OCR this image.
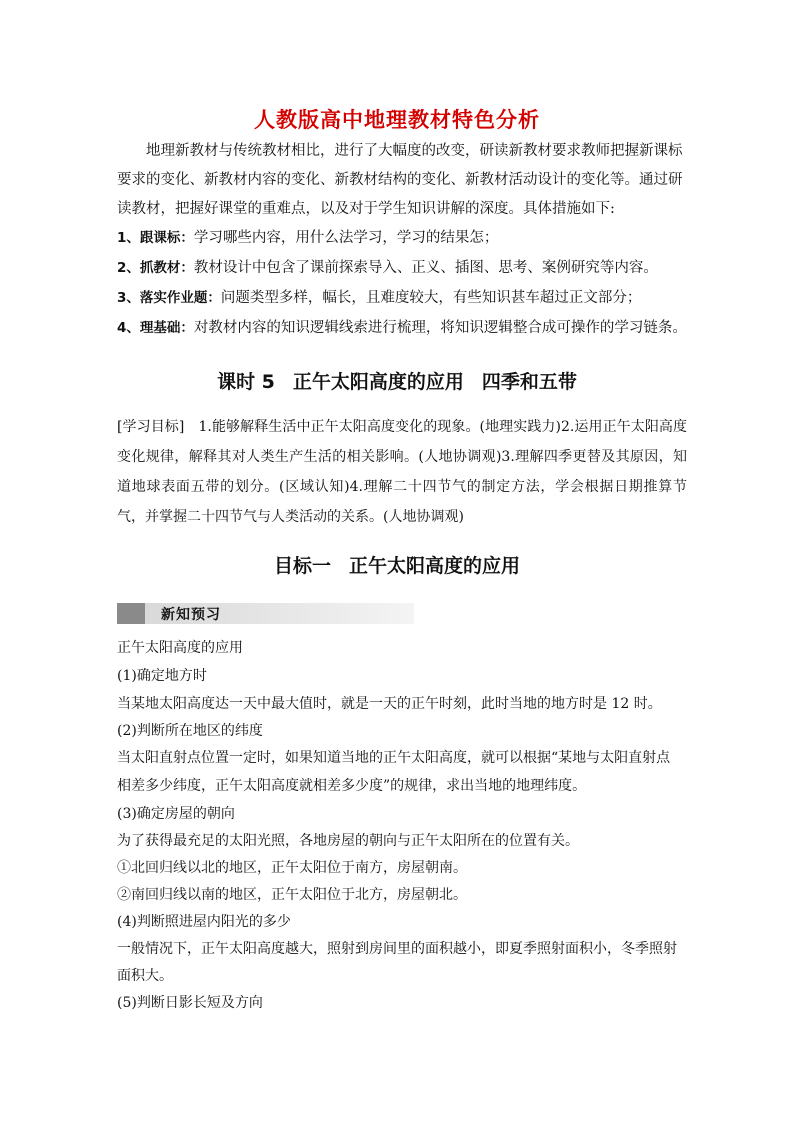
人教版高中地理教材特色分析

地理新教材与传统教材相比，进行了大幅度的改变，研读新教材要求教师把握新课标要求的变化、新教材内容的变化、新教材结构的变化、新教材活动设计的变化等。通过研读教材，把握好课堂的重难点，以及对于学生知识讲解的深度。具体措施如下:

1、跟课标：学习哪些内容，用什么法学习，学习的结果怎；

2、抓教材：教材设计中包含了课前探索导入、正义、插图、思考、案例研究等内容。

3、落实作业题：问题类型多样，幅长，且难度较大，有些知识甚车超过正文部分；

4、理基础：对教材内容的知识逻辑线索进行梳理，将知识逻辑整合成可操作的学习链条。

课时 5 正午太阳高度的应用 四季和五带

[学习目标]　1.能够解释生活中正午太阳高度变化的现象。(地理实践力)2.运用正午太阳高度变化规律，解释其对人类生产生活的相关影响。(人地协调观)3.理解四季更替及其原因，知道地球表面五带的划分。(区域认知)4.理解二十四节气的制定方法，学会根据日期推算节气，并掌握二十四节气与人类活动的关系。(人地协调观)

目标一 正午太阳高度的应用
新知预习

正午太阳高度的应用

(1)确定地方时

当某地太阳高度达一天中最大值时，就是一天的正午时刻，此时当地的地方时是 12 时。

(2)判断所在地区的纬度

当太阳直射点位置一定时，如果知道当地的正午太阳高度，就可以根据“某地与太阳直射点

相差多少纬度，正午太阳高度就相差多少度”的规律，求出当地的地理纬度。

(3)确定房屋的朝向

为了获得最充足的太阳光照，各地房屋的朝向与正午太阳所在的位置有关。

①北回归线以北的地区，正午太阳位于南方，房屋朝南。

②南回归线以南的地区，正午太阳位于北方，房屋朝北。

(4)判断照进屋内阳光的多少

一般情况下，正午太阳高度越大，照射到房间里的面积越小，即夏季照射面积小，冬季照射

面积大。

(5)判断日影长短及方向
